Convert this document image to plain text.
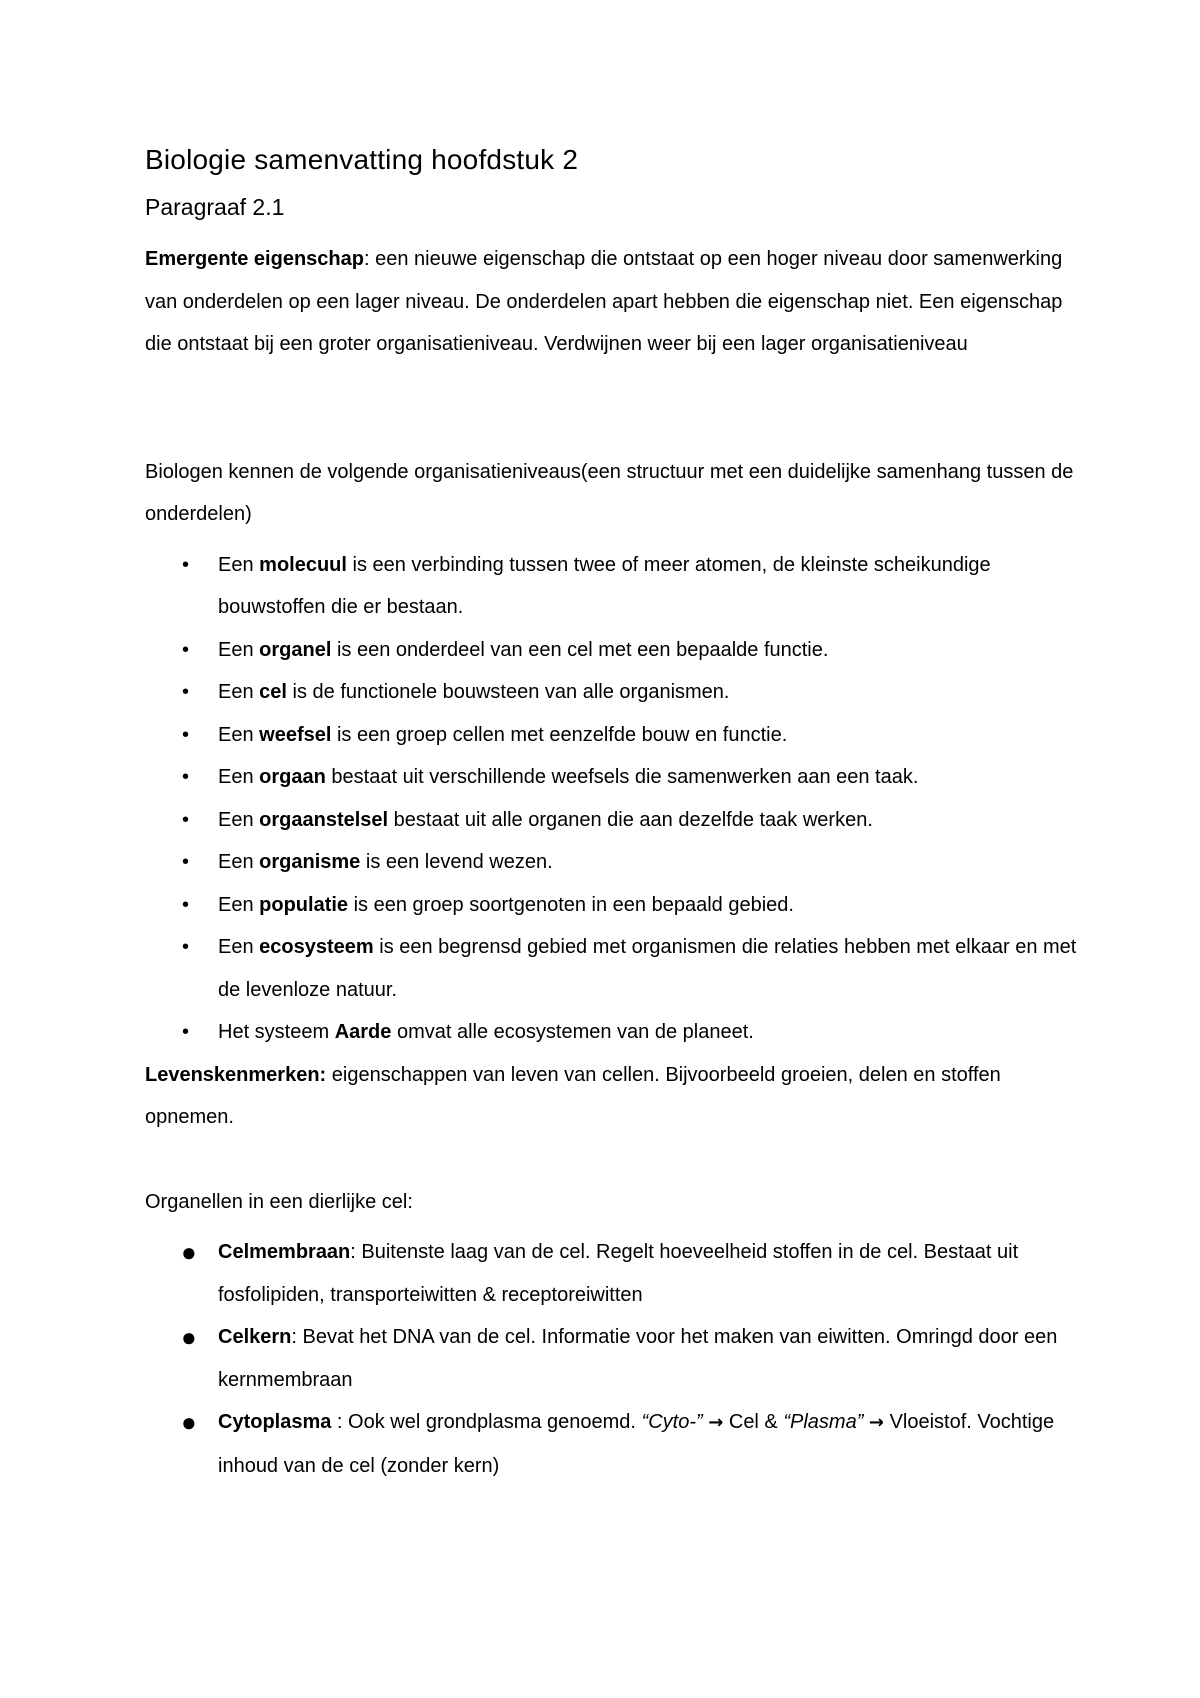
Biologie samenvatting hoofdstuk 2
Paragraaf 2.1

Emergente eigenschap: een nieuwe eigenschap die ontstaat op een hoger niveau door samenwerking van onderdelen op een lager niveau. De onderdelen apart hebben die eigenschap niet. Een eigenschap die ontstaat bij een groter organisatieniveau. Verdwijnen weer bij een lager organisatieniveau

Biologen kennen de volgende organisatieniveaus(een structuur met een duidelijke samenhang tussen de onderdelen)

•	Een molecuul is een verbinding tussen twee of meer atomen, de kleinste scheikundige bouwstoffen die er bestaan.
•	Een organel is een onderdeel van een cel met een bepaalde functie.
•	Een cel is de functionele bouwsteen van alle organismen.
•	Een weefsel is een groep cellen met eenzelfde bouw en functie.
•	Een orgaan bestaat uit verschillende weefsels die samenwerken aan een taak.
•	Een orgaanstelsel bestaat uit alle organen die aan dezelfde taak werken.
•	Een organisme is een levend wezen.
•	Een populatie is een groep soortgenoten in een bepaald gebied.
•	Een ecosysteem is een begrensd gebied met organismen die relaties hebben met elkaar en met de levenloze natuur.
•	Het systeem Aarde omvat alle ecosystemen van de planeet.

Levenskenmerken: eigenschappen van leven van cellen. Bijvoorbeeld groeien, delen en stoffen opnemen.

Organellen in een dierlijke cel:

● Celmembraan: Buitenste laag van de cel. Regelt hoeveelheid stoffen in de cel. Bestaat uit fosfolipiden, transporteiwitten & receptoreiwitten
● Celkern: Bevat het DNA van de cel. Informatie voor het maken van eiwitten. Omringd door een kernmembraan
● Cytoplasma : Ook wel grondplasma genoemd. “Cyto-” → Cel & “Plasma” → Vloeistof. Vochtige inhoud van de cel (zonder kern)
